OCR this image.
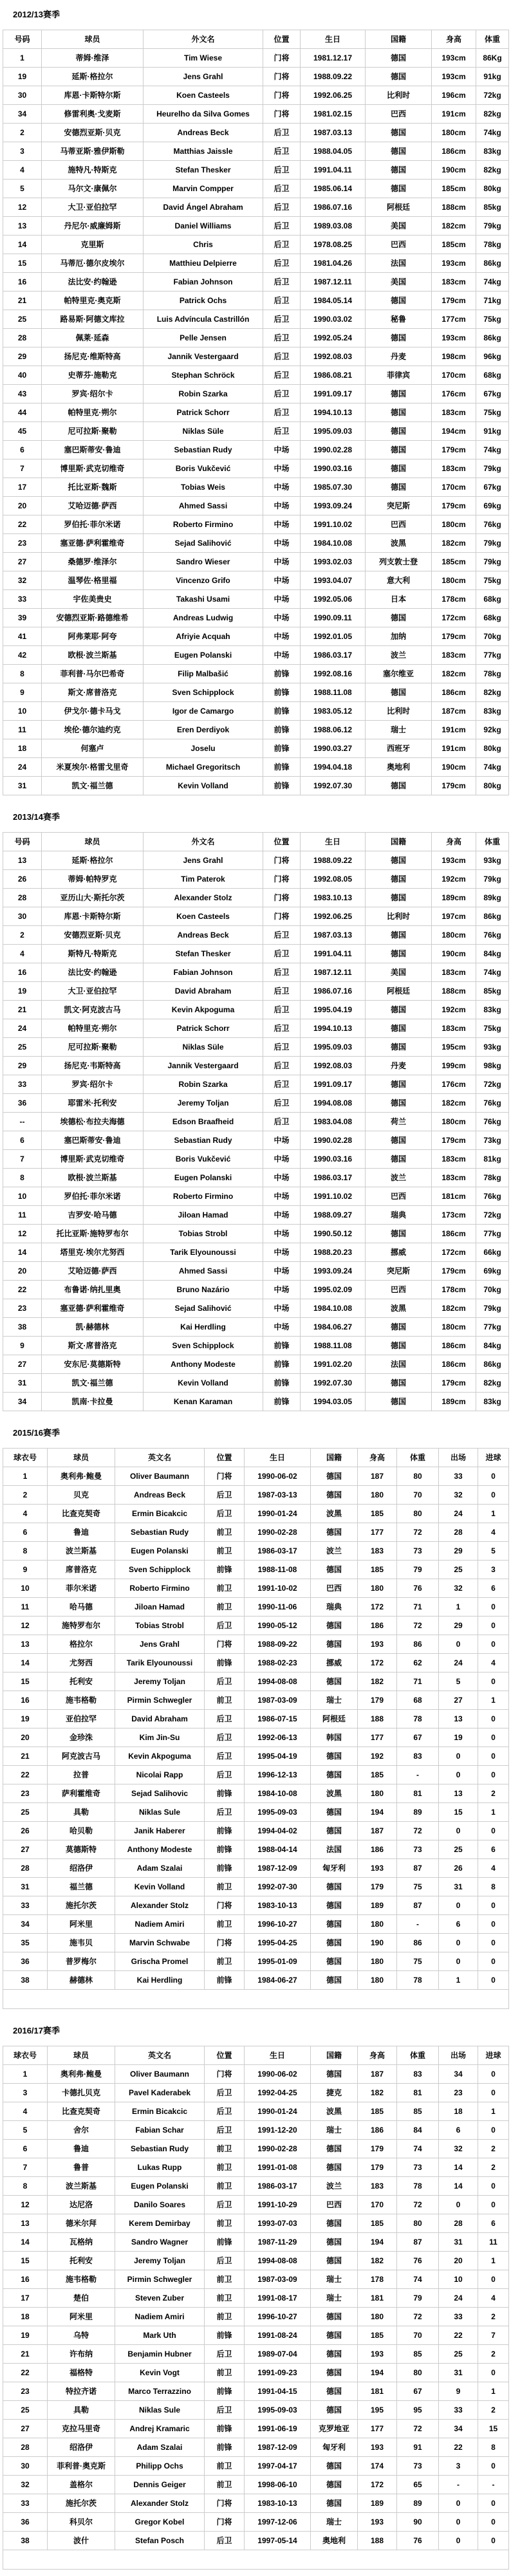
2012/13赛季
号码	球员	外文名	位置	生日	国籍	身高	体重
1	蒂姆·维泽	Tim Wiese	门将	1981.12.17	德国	193cm	86Kg
19	延斯·格拉尔	Jens Grahl	门将	1988.09.22	德国	193cm	91kg
30	库恩·卡斯特尔斯	Koen Casteels	门将	1992.06.25	比利时	196cm	72kg
34	修雷利奥·戈麦斯	Heurelho da Silva Gomes	门将	1981.02.15	巴西	191cm	82kg
2	安德烈亚斯·贝克	Andreas Beck	后卫	1987.03.13	德国	180cm	74kg
3	马蒂亚斯·雅伊斯勒	Matthias Jaissle	后卫	1988.04.05	德国	186cm	83kg
4	施特凡·特斯克	Stefan Thesker	后卫	1991.04.11	德国	190cm	82kg
5	马尔文·康佩尔	Marvin Compper	后卫	1985.06.14	德国	185cm	80kg
12	大卫·亚伯拉罕	David Ángel Abraham	后卫	1986.07.16	阿根廷	188cm	85kg
13	丹尼尔·威廉姆斯	Daniel Williams	后卫	1989.03.08	美国	182cm	79kg
14	克里斯	Chris	后卫	1978.08.25	巴西	185cm	78kg
15	马蒂厄·德尔皮埃尔	Matthieu Delpierre	后卫	1981.04.26	法国	193cm	86kg
16	法比安·约翰逊	Fabian Johnson	后卫	1987.12.11	美国	183cm	74kg
21	帕特里克·奥克斯	Patrick Ochs	后卫	1984.05.14	德国	179cm	71kg
25	路易斯·阿德文库拉	Luis Advíncula Castrillón	后卫	1990.03.02	秘鲁	177cm	75kg
28	佩莱·延森	Pelle Jensen	后卫	1992.05.24	德国	193cm	86kg
29	扬尼克·维斯特高	Jannik Vestergaard	后卫	1992.08.03	丹麦	198cm	96kg
40	史蒂芬·施勒克	Stephan Schröck	后卫	1986.08.21	菲律宾	170cm	68kg
43	罗宾·绍尔卡	Robin Szarka	后卫	1991.09.17	德国	176cm	67kg
44	帕特里克·朔尔	Patrick Schorr	后卫	1994.10.13	德国	183cm	75kg
45	尼可拉斯·聚勒	Niklas Süle	后卫	1995.09.03	德国	194cm	91kg
6	塞巴斯蒂安·鲁迪	Sebastian Rudy	中场	1990.02.28	德国	179cm	74kg
7	博里斯·武克切维奇	Boris Vukčević	中场	1990.03.16	德国	183cm	79kg
17	托比亚斯·魏斯	Tobias Weis	中场	1985.07.30	德国	170cm	67kg
20	艾哈迈德·萨西	Ahmed Sassi	中场	1993.09.24	突尼斯	179cm	69kg
22	罗伯托·菲尔米诺	Roberto Firmino	中场	1991.10.02	巴西	180cm	76kg
23	塞亚德·萨利霍维奇	Sejad Salihović	中场	1984.10.08	波黑	182cm	79kg
27	桑德罗·维泽尔	Sandro Wieser	中场	1993.02.03	列支敦士登	185cm	79kg
32	温琴佐·格里福	Vincenzo Grifo	中场	1993.04.07	意大利	180cm	75kg
33	宇佐美贵史	Takashi Usami	中场	1992.05.06	日本	178cm	68kg
39	安德烈亚斯·路德维希	Andreas Ludwig	中场	1990.09.11	德国	172cm	68kg
41	阿弗莱耶·阿夸	Afriyie Acquah	中场	1992.01.05	加纳	179cm	70kg
42	欧根·波兰斯基	Eugen Polanski	中场	1986.03.17	波兰	183cm	77kg
8	菲利普·马尔巴希奇	Filip Malbašić	前锋	1992.08.16	塞尔维亚	182cm	78kg
9	斯文·席普洛克	Sven Schipplock	前锋	1988.11.08	德国	186cm	82kg
10	伊戈尔·德卡马戈	Igor de Camargo	前锋	1983.05.12	比利时	187cm	83kg
11	埃伦·德尔迪约克	Eren Derdiyok	前锋	1988.06.12	瑞士	191cm	92kg
18	何塞卢	Joselu	前锋	1990.03.27	西班牙	191cm	80kg
24	米夏埃尔·格雷戈里奇	Michael Gregoritsch	前锋	1994.04.18	奥地利	190cm	74kg
31	凯文·福兰德	Kevin Volland	前锋	1992.07.30	德国	179cm	80kg
2013/14赛季
号码	球员	外文名	位置	生日	国籍	身高	体重
13	延斯·格拉尔	Jens Grahl	门将	1988.09.22	德国	193cm	93kg
26	蒂姆·帕特罗克	Tim Paterok	门将	1992.08.05	德国	192cm	79kg
28	亚历山大·斯托尔茨	Alexander Stolz	门将	1983.10.13	德国	189cm	89kg
30	库恩·卡斯特尔斯	Koen Casteels	门将	1992.06.25	比利时	197cm	86kg
2	安德烈亚斯·贝克	Andreas Beck	后卫	1987.03.13	德国	180cm	76kg
4	斯特凡·特斯克	Stefan Thesker	后卫	1991.04.11	德国	190cm	84kg
16	法比安·约翰逊	Fabian Johnson	后卫	1987.12.11	美国	183cm	74kg
19	大卫·亚伯拉罕	David Abraham	后卫	1986.07.16	阿根廷	188cm	85kg
21	凯文·阿克波古马	Kevin Akpoguma	后卫	1995.04.19	德国	192cm	83kg
24	帕特里克·朔尔	Patrick Schorr	后卫	1994.10.13	德国	183cm	75kg
25	尼可拉斯·聚勒	Niklas Süle	后卫	1995.09.03	德国	195cm	93kg
29	扬尼克·韦斯特高	Jannik Vestergaard	后卫	1992.08.03	丹麦	199cm	98kg
33	罗宾·绍尔卡	Robin Szarka	后卫	1991.09.17	德国	176cm	72kg
36	耶雷米·托利安	Jeremy Toljan	后卫	1994.08.08	德国	182cm	76kg
--	埃德松·布拉夫海德	Edson Braafheid	后卫	1983.04.08	荷兰	180cm	76kg
6	塞巴斯蒂安·鲁迪	Sebastian Rudy	中场	1990.02.28	德国	179cm	73kg
7	博里斯·武克切维奇	Boris Vukčević	中场	1990.03.16	德国	183cm	81kg
8	欧根·波兰斯基	Eugen Polanski	中场	1986.03.17	波兰	183cm	78kg
10	罗伯托·菲尔米诺	Roberto Firmino	中场	1991.10.02	巴西	181cm	76kg
11	吉罗安·哈马德	Jiloan Hamad	中场	1988.09.27	瑞典	173cm	72kg
12	托比亚斯·施特罗布尔	Tobias Strobl	中场	1990.50.12	德国	186cm	77kg
14	塔里克·埃尔尤努西	Tarik Elyounoussi	中场	1988.20.23	挪威	172cm	66kg
20	艾哈迈德·萨西	Ahmed Sassi	中场	1993.09.24	突尼斯	179cm	69kg
22	布鲁诺·纳扎里奥	Bruno Nazário	中场	1995.02.09	巴西	178cm	70kg
23	塞亚德·萨利霍维奇	Sejad Salihović	中场	1984.10.08	波黑	182cm	79kg
38	凯·赫德林	Kai Herdling	中场	1984.06.27	德国	180cm	77kg
9	斯文·席普洛克	Sven Schipplock	前锋	1988.11.08	德国	186cm	84kg
27	安东尼·莫德斯特	Anthony Modeste	前锋	1991.02.20	法国	186cm	86kg
31	凯文·福兰德	Kevin Volland	前锋	1992.07.30	德国	179cm	82kg
34	凯南·卡拉曼	Kenan Karaman	前锋	1994.03.05	德国	189cm	83kg
2015/16赛季
球衣号	球员	英文名	位置	生日	国籍	身高	体重	出场	进球
1	奥利弗·鲍曼	Oliver Baumann	门将	1990-06-02	德国	187	80	33	0
2	贝克	Andreas Beck	后卫	1987-03-13	德国	180	70	32	0
4	比查克契奇	Ermin Bicakcic	后卫	1990-01-24	波黑	185	80	24	1
6	鲁迪	Sebastian Rudy	前卫	1990-02-28	德国	177	72	28	4
8	波兰斯基	Eugen Polanski	前卫	1986-03-17	波兰	183	73	29	5
9	席普洛克	Sven Schipplock	前锋	1988-11-08	德国	185	79	25	3
10	菲尔米诺	Roberto Firmino	前卫	1991-10-02	巴西	180	76	32	6
11	哈马德	Jiloan Hamad	前卫	1990-11-06	瑞典	172	71	1	0
12	施特罗布尔	Tobias Strobl	后卫	1990-05-12	德国	186	72	29	0
13	格拉尔	Jens Grahl	门将	1988-09-22	德国	193	86	0	0
14	尤努西	Tarik Elyounoussi	前锋	1988-02-23	挪威	172	62	24	4
15	托利安	Jeremy Toljan	后卫	1994-08-08	德国	182	71	5	0
16	施韦格勒	Pirmin Schwegler	前卫	1987-03-09	瑞士	179	68	27	1
19	亚伯拉罕	David Abraham	后卫	1986-07-15	阿根廷	188	78	13	0
20	金珍洙	Kim Jin-Su	后卫	1992-06-13	韩国	177	67	19	0
21	阿克波古马	Kevin Akpoguma	后卫	1995-04-19	德国	192	83	0	0
22	拉普	Nicolai Rapp	后卫	1996-12-13	德国	185	-	0	0
23	萨利霍维奇	Sejad Salihovic	前锋	1984-10-08	波黑	180	81	13	2
25	具勒	Niklas Sule	后卫	1995-09-03	德国	194	89	15	1
26	哈贝勒	Janik Haberer	前锋	1994-04-02	德国	187	72	0	0
27	莫德斯特	Anthony Modeste	前锋	1988-04-14	法国	186	73	25	6
28	绍洛伊	Adam Szalai	前锋	1987-12-09	匈牙利	193	87	26	4
31	福兰德	Kevin Volland	前卫	1992-07-30	德国	179	75	31	8
33	施托尔茨	Alexander Stolz	门将	1983-10-13	德国	189	87	0	0
34	阿米里	Nadiem Amiri	前卫	1996-10-27	德国	180	-	6	0
35	施韦贝	Marvin Schwabe	门将	1995-04-25	德国	190	86	0	0
36	普罗梅尔	Grischa Promel	前卫	1995-01-09	德国	180	75	0	0
38	赫德林	Kai Herdling	前锋	1984-06-27	德国	180	78	1	0

2016/17赛季
球衣号	球员	英文名	位置	生日	国籍	身高	体重	出场	进球
1	奥利弗·鲍曼	Oliver Baumann	门将	1990-06-02	德国	187	83	34	0
3	卡德扎贝克	Pavel Kaderabek	后卫	1992-04-25	捷克	182	81	23	0
4	比查克契奇	Ermin Bicakcic	后卫	1990-01-24	波黑	185	85	18	1
5	舍尔	Fabian Schar	后卫	1991-12-20	瑞士	186	84	6	0
6	鲁迪	Sebastian Rudy	前卫	1990-02-28	德国	179	74	32	2
7	鲁普	Lukas Rupp	前卫	1991-01-08	德国	179	73	14	2
8	波兰斯基	Eugen Polanski	前卫	1986-03-17	波兰	183	78	14	0
12	达尼洛	Danilo Soares	后卫	1991-10-29	巴西	170	72	0	0
13	德米尔拜	Kerem Demirbay	前卫	1993-07-03	德国	185	80	28	6
14	瓦格纳	Sandro Wagner	前锋	1987-11-29	德国	194	87	31	11
15	托利安	Jeremy Toljan	后卫	1994-08-08	德国	182	76	20	1
16	施韦格勒	Pirmin Schwegler	前卫	1987-03-09	瑞士	178	74	10	0
17	楚伯	Steven Zuber	前卫	1991-08-17	瑞士	181	79	24	4
18	阿米里	Nadiem Amiri	前卫	1996-10-27	德国	180	72	33	2
19	乌特	Mark Uth	前锋	1991-08-24	德国	185	70	22	7
21	许布纳	Benjamin Hubner	后卫	1989-07-04	德国	193	85	25	2
22	福格特	Kevin Vogt	前卫	1991-09-23	德国	194	80	31	0
23	特拉齐诺	Marco Terrazzino	前锋	1991-04-15	德国	181	67	9	1
25	具勒	Niklas Sule	后卫	1995-09-03	德国	195	95	33	2
27	克拉马里奇	Andrej Kramaric	前锋	1991-06-19	克罗地亚	177	72	34	15
28	绍洛伊	Adam Szalai	前锋	1987-12-09	匈牙利	193	91	22	8
30	菲利普·奥克斯	Philipp Ochs	前卫	1997-04-17	德国	174	73	3	0
32	盖格尔	Dennis Geiger	前卫	1998-06-10	德国	172	65	-	-
33	施托尔茨	Alexander Stolz	门将	1983-10-13	德国	189	89	0	0
36	科贝尔	Gregor Kobel	门将	1997-12-06	瑞士	193	90	0	0
38	波什	Stefan Posch	后卫	1997-05-14	奥地利	188	76	0	0
